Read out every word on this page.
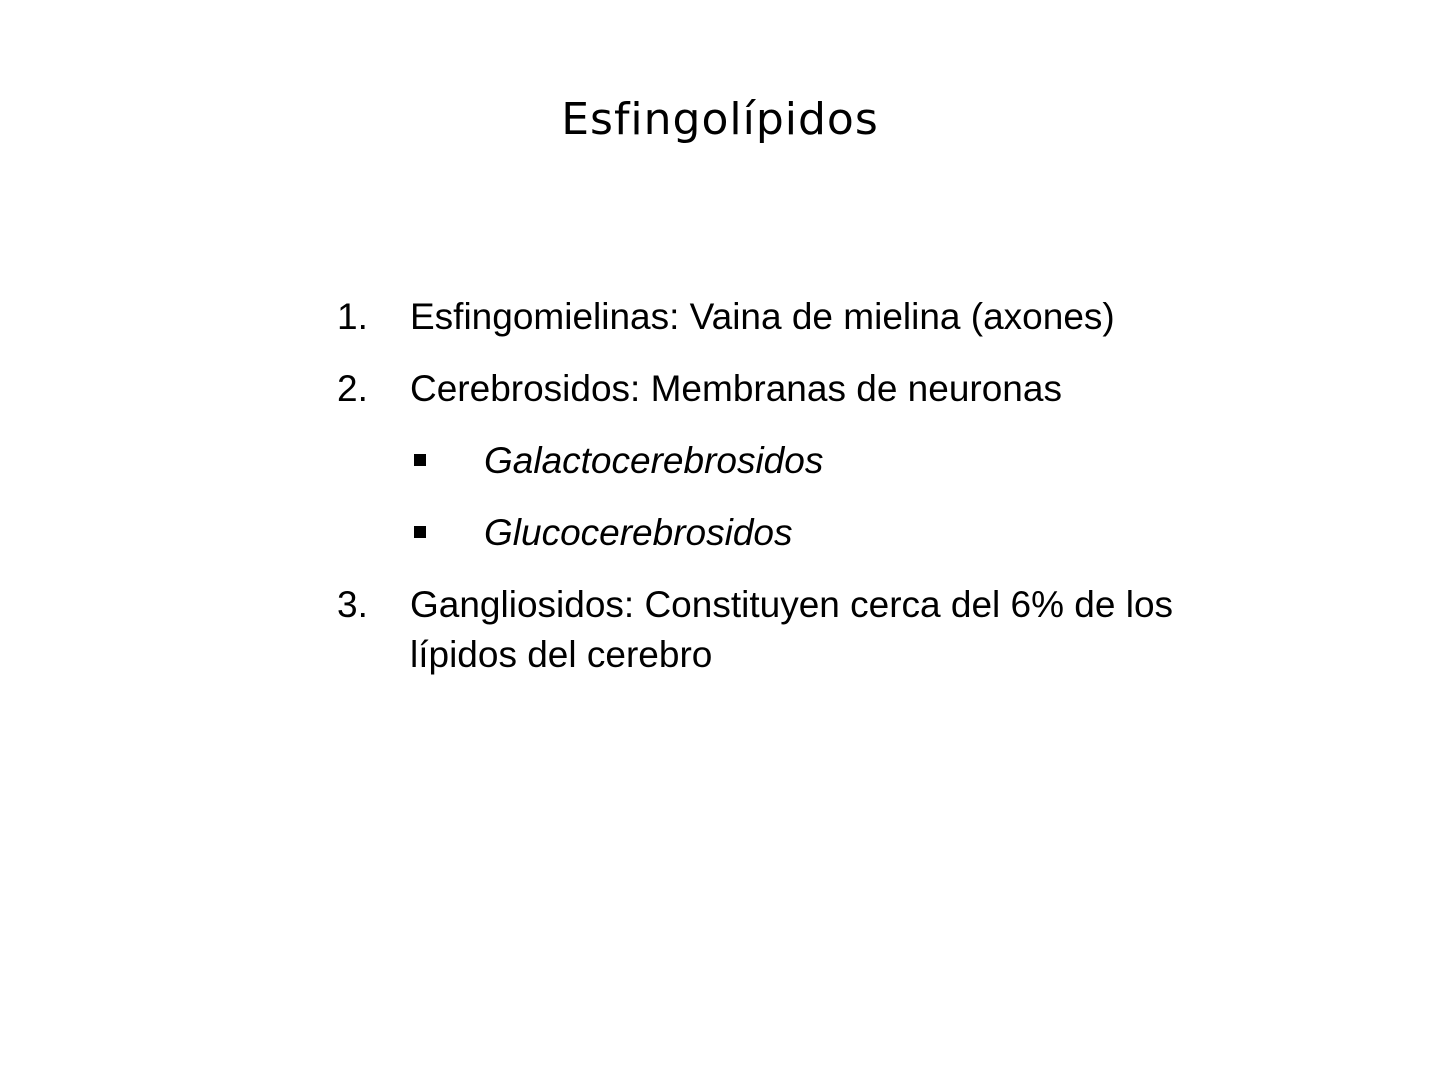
Esfingolípidos
1. Esfingomielinas: Vaina de mielina (axones)
2. Cerebrosidos: Membranas de neuronas
Galactocerebrosidos
Glucocerebrosidos
3. Gangliosidos: Constituyen cerca del 6% de los lípidos del cerebro
